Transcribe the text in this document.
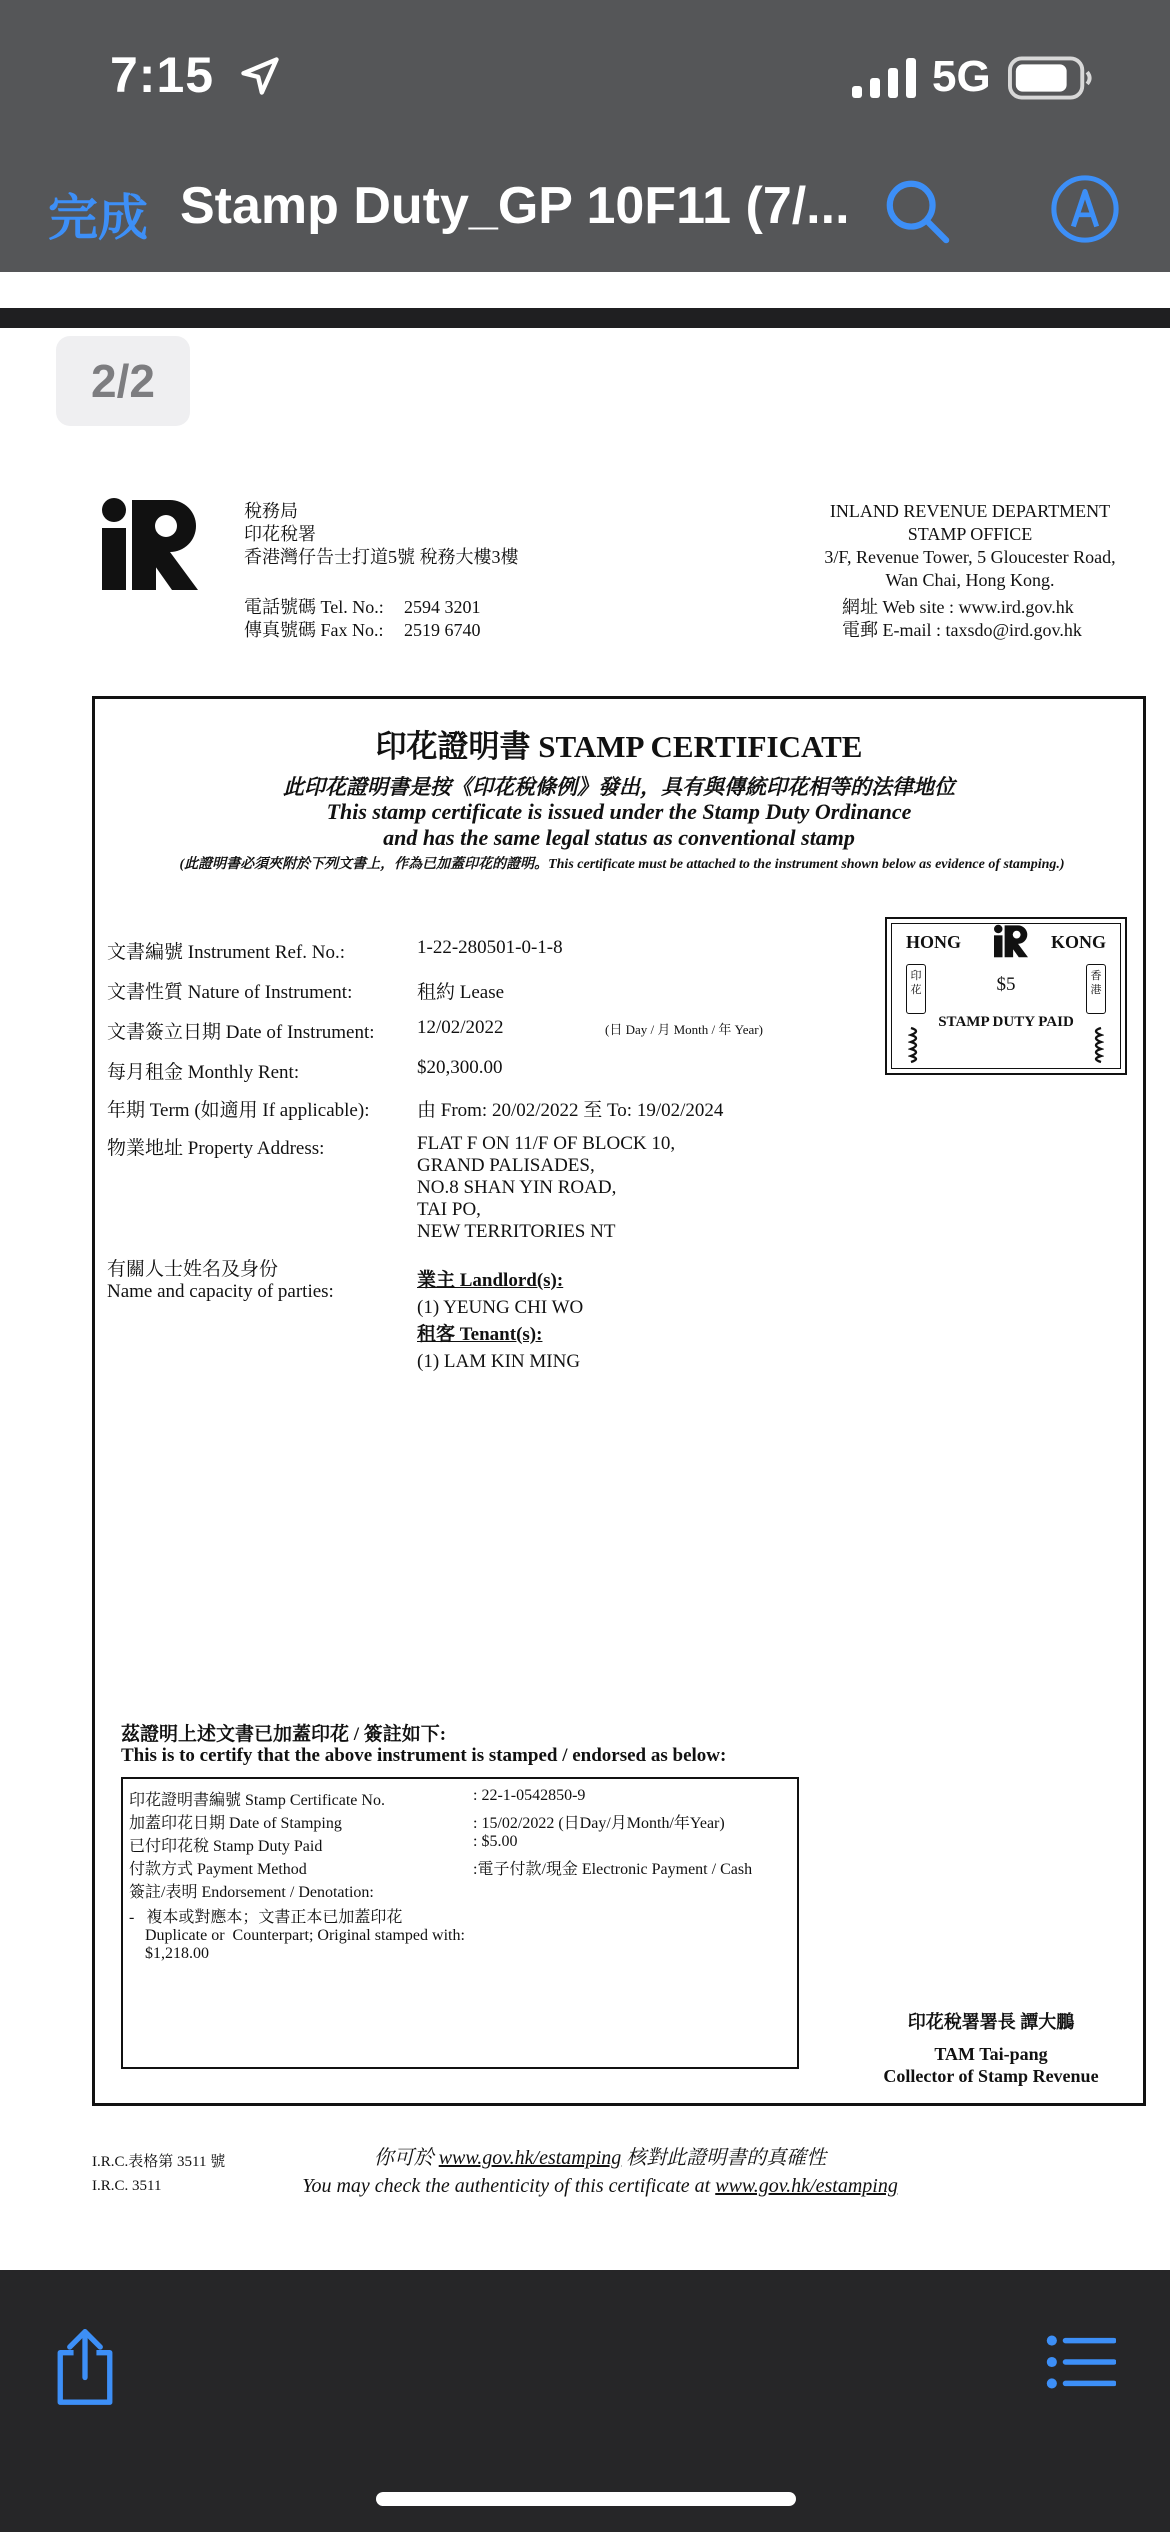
7:15	5G
完成 Stamp Duty_GP 10F11 (7/...
2/2
稅務局
印花稅署
香港灣仔告士打道5號 稅務大樓3樓
電話號碼 Tel. No.: 2594 3201
傳真號碼 Fax No.: 2519 6740
INLAND REVENUE DEPARTMENT
STAMP OFFICE
3/F, Revenue Tower, 5 Gloucester Road,
Wan Chai, Hong Kong.
網址 Web site : www.ird.gov.hk
電郵 E-mail : taxsdo@ird.gov.hk
印花證明書 STAMP CERTIFICATE
此印花證明書是按《印花稅條例》發出，具有與傳統印花相等的法律地位
This stamp certificate is issued under the Stamp Duty Ordinance
and has the same legal status as conventional stamp
(此證明書必須夾附於下列文書上，作為已加蓋印花的證明。This certificate must be attached to the instrument shown below as evidence of stamping.)
文書編號 Instrument Ref. No.:	1-22-280501-0-1-8
文書性質 Nature of Instrument:	租約 Lease
文書簽立日期 Date of Instrument: 12/02/2022	(日 Day / 月 Month / 年 Year)
每月租金 Monthly Rent:	$20,300.00
年期 Term (如適用 If applicable):	由 From: 20/02/2022 至 To: 19/02/2024
物業地址 Property Address:	FLAT F ON 11/F OF BLOCK 10,
GRAND PALISADES,
NO.8 SHAN YIN ROAD,
TAI PO,
NEW TERRITORIES NT
有關人士姓名及身份
Name and capacity of parties:
業主 Landlord(s):
(1) YEUNG CHI WO
租客 Tenant(s):
(1) LAM KIN MING
HONG	KONG
印花
香港
$5
STAMP DUTY PAID
茲證明上述文書已加蓋印花 / 簽註如下:
This is to certify that the above instrument is stamped / endorsed as below:
印花證明書編號 Stamp Certificate No.	: 22-1-0542850-9
加蓋印花日期 Date of Stamping	: 15/02/2022 (日Day/月Month/年Year)
已付印花稅 Stamp Duty Paid	: $5.00
付款方式 Payment Method	:電子付款/現金 Electronic Payment / Cash
簽註/表明 Endorsement / Denotation:
-   複本或對應本；文書正本已加蓋印花
Duplicate or  Counterpart; Original stamped with:
$1,218.00
印花稅署署長 譚大鵬
TAM Tai-pang
Collector of Stamp Revenue
I.R.C.表格第 3511 號
I.R.C. 3511
你可於 www.gov.hk/estamping 核對此證明書的真確性
You may check the authenticity of this certificate at www.gov.hk/estamping
